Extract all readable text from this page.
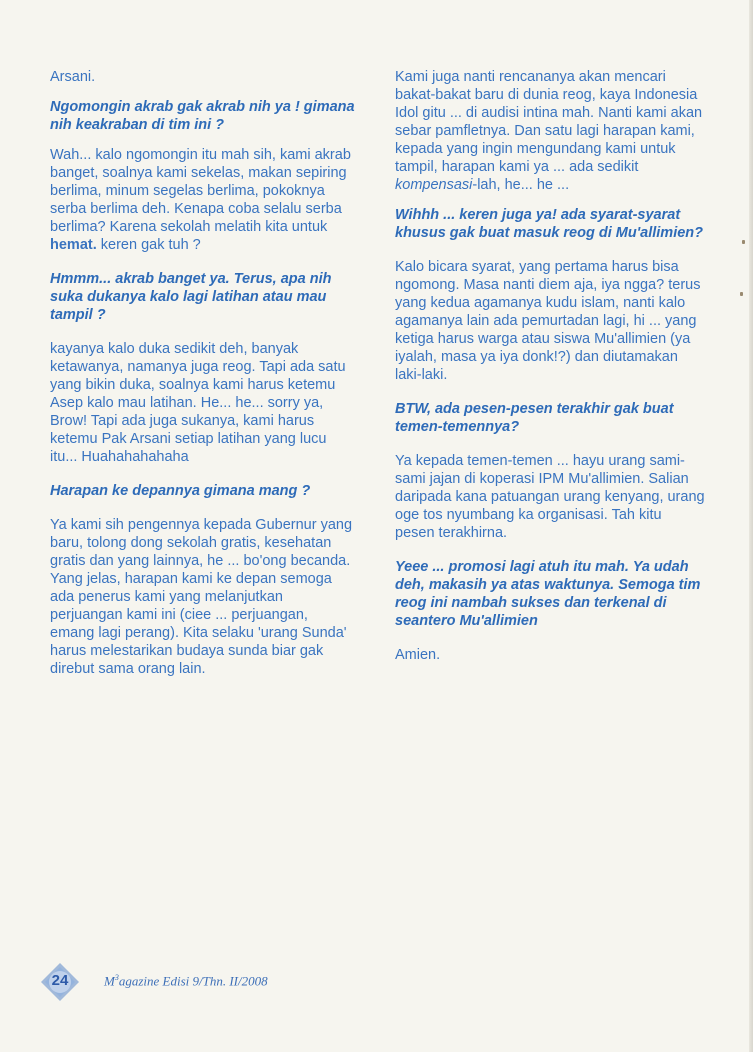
Arsani.

Ngomongin akrab gak akrab nih ya ! gimana nih keakraban di tim ini ?

Wah... kalo ngomongin itu mah sih, kami akrab banget, soalnya kami sekelas, makan sepiring berlima, minum segelas berlima, pokoknya serba berlima deh. Kenapa coba selalu serba berlima? Karena sekolah melatih kita untuk hemat. keren gak tuh ?

Hmmm... akrab banget ya. Terus, apa nih suka dukanya kalo lagi latihan atau mau tampil ?

kayanya kalo duka sedikit deh, banyak ketawanya, namanya juga reog. Tapi ada satu yang bikin duka, soalnya kami harus ketemu Asep kalo mau latihan. He... he... sorry ya, Brow! Tapi ada juga sukanya, kami harus ketemu Pak Arsani setiap latihan yang lucu itu... Huahahahahaha

Harapan ke depannya gimana mang ?

Ya kami sih pengennya kepada Gubernur yang baru, tolong dong sekolah gratis, kesehatan gratis dan yang lainnya, he ... bo'ong becanda. Yang jelas, harapan kami ke depan semoga ada penerus kami yang melanjutkan perjuangan kami ini (ciee ... perjuangan, emang lagi perang). Kita selaku 'urang Sunda' harus melestarikan budaya sunda biar gak direbut sama orang lain.

Kami juga nanti rencananya akan mencari bakat-bakat baru di dunia reog, kaya Indonesia Idol gitu ... di audisi intina mah. Nanti kami akan sebar pamfletnya. Dan satu lagi harapan kami, kepada yang ingin mengundang kami untuk tampil, harapan kami ya ... ada sedikit kompensasi-lah, he... he ...

Wihhh ... keren juga ya! ada syarat-syarat khusus gak buat masuk reog di Mu'allimien?

Kalo bicara syarat, yang pertama harus bisa ngomong. Masa nanti diem aja, iya ngga? terus yang kedua agamanya kudu islam, nanti kalo agamanya lain ada pemurtadan lagi, hi ... yang ketiga harus warga atau siswa Mu'allimien (ya iyalah, masa ya iya donk!?) dan diutamakan laki-laki.

BTW, ada pesen-pesen terakhir gak buat temen-temennya?

Ya kepada temen-temen ... hayu urang sami-sami jajan di koperasi IPM Mu'allimien. Salian daripada kana patuangan urang kenyang, urang oge tos nyumbang ka organisasi. Tah kitu pesen terakhirna.

Yeee ... promosi lagi atuh itu mah. Ya udah deh, makasih ya atas waktunya. Semoga tim reog ini nambah sukses dan terkenal di seantero Mu'allimien

Amien.

24	$M^3agazine$ Edisi 9/Thn. II/2008
